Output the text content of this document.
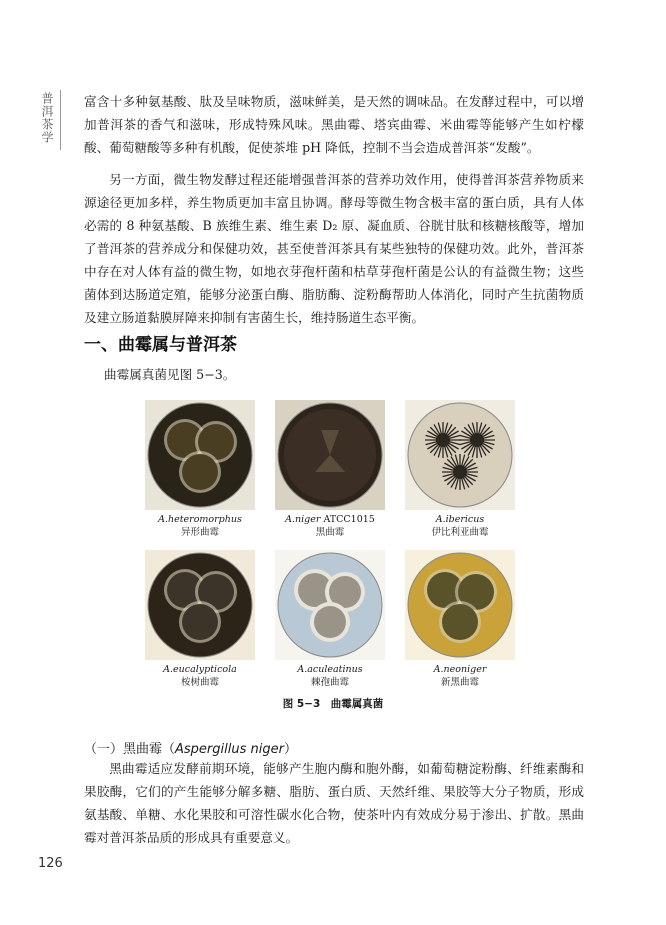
普洱茶学 富含十多种氨基酸、肽及呈味物质，滋味鲜美，是天然的调味品。在发酵过程中，可以增加普洱茶的香气和滋味，形成特殊风味。黑曲霉、塔宾曲霉、米曲霉等能够产生如柠檬酸、葡萄糖酸等多种有机酸，促使茶堆 pH 降低，控制不当会造成普洱茶“发酸”。
另一方面，微生物发酵过程还能增强普洱茶的营养功效作用，使得普洱茶营养物质来源途径更加多样，养生物质更加丰富且协调。酵母等微生物含极丰富的蛋白质，具有人体必需的 8 种氨基酸、B 族维生素、维生素 D₂ 原、凝血质、谷胱甘肽和核糖核酸等，增加了普洱茶的营养成分和保健功效，甚至使普洱茶具有某些独特的保健功效。此外，普洱茶中存在对人体有益的微生物，如地衣芽孢杆菌和枯草芽孢杆菌是公认的有益微生物；这些菌体到达肠道定殖，能够分泌蛋白酶、脂肪酶、淀粉酶帮助人体消化，同时产生抗菌物质及建立肠道黏膜屏障来抑制有害菌生长，维持肠道生态平衡。
一、曲霉属与普洱茶
曲霉属真菌见图 5−3。
A.heteromorphus
异形曲霉
A.niger ATCC1015
黑曲霉
A.ibericus
伊比利亚曲霉
A.eucalypticola
桉树曲霉
A.aculeatinus
棘孢曲霉
A.neoniger
新黑曲霉
图 5−3　曲霉属真菌
（一）黑曲霉（Aspergillus niger）
黑曲霉适应发酵前期环境，能够产生胞内酶和胞外酶，如葡萄糖淀粉酶、纤维素酶和果胶酶，它们的产生能够分解多糖、脂肪、蛋白质、天然纤维、果胶等大分子物质，形成氨基酸、单糖、水化果胶和可溶性碳水化合物，使茶叶内有效成分易于渗出、扩散。黑曲霉对普洱茶品质的形成具有重要意义。
126
